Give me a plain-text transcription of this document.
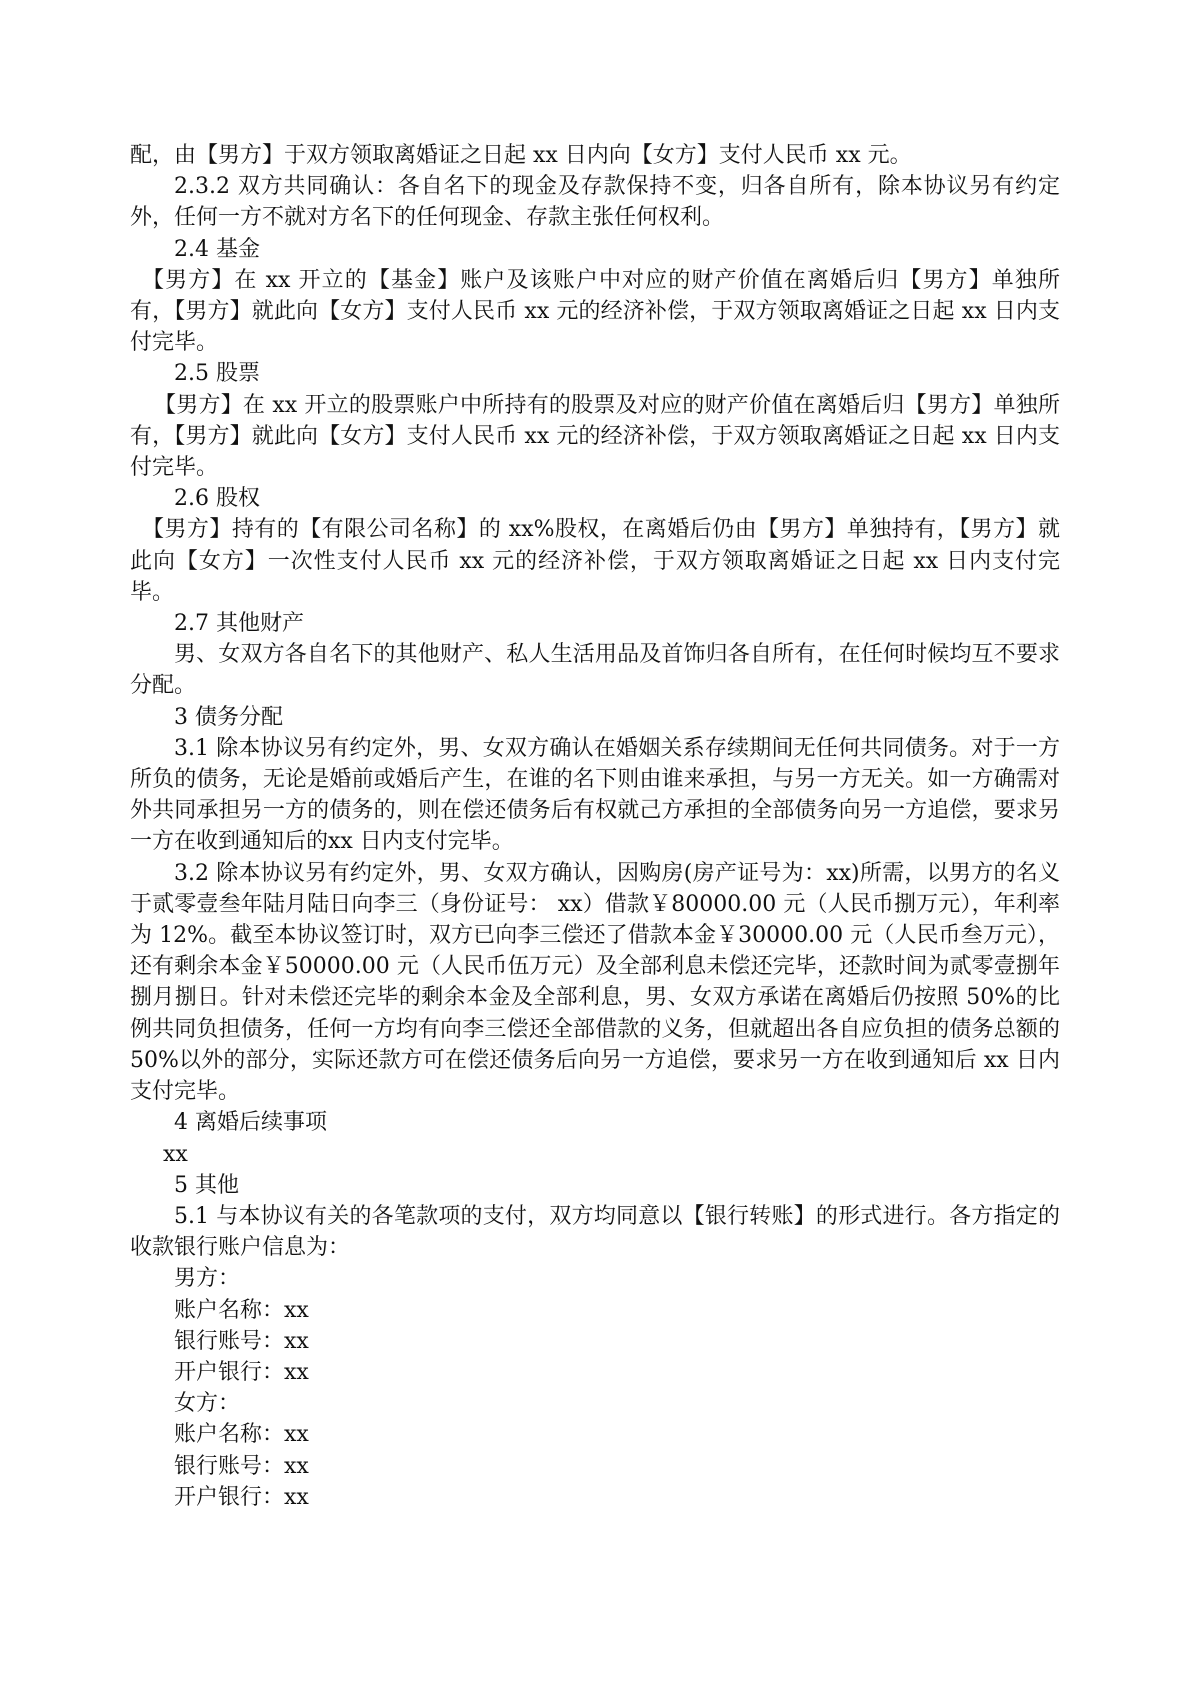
配，由【男方】于双方领取离婚证之日起 xx 日内向【女方】支付人民币 xx 元。

2.3.2 双方共同确认：各自名下的现金及存款保持不变，归各自所有，除本协议另有约定外，任何一方不就对方名下的任何现金、存款主张任何权利。

2.4 基金

【男方】在 xx 开立的【基金】账户及该账户中对应的财产价值在离婚后归【男方】单独所有，【男方】就此向【女方】支付人民币 xx 元的经济补偿，于双方领取离婚证之日起 xx 日内支付完毕。

2.5 股票

【男方】在 xx 开立的股票账户中所持有的股票及对应的财产价值在离婚后归【男方】单独所有，【男方】就此向【女方】支付人民币 xx 元的经济补偿，于双方领取离婚证之日起 xx 日内支付完毕。

2.6 股权

【男方】持有的【有限公司名称】的 xx%股权，在离婚后仍由【男方】单独持有，【男方】就此向【女方】一次性支付人民币 xx 元的经济补偿，于双方领取离婚证之日起 xx 日内支付完毕。

2.7 其他财产

男、女双方各自名下的其他财产、私人生活用品及首饰归各自所有，在任何时候均互不要求分配。

3 债务分配

3.1 除本协议另有约定外，男、女双方确认在婚姻关系存续期间无任何共同债务。对于一方所负的债务，无论是婚前或婚后产生，在谁的名下则由谁来承担，与另一方无关。如一方确需对外共同承担另一方的债务的，则在偿还债务后有权就己方承担的全部债务向另一方追偿，要求另一方在收到通知后的xx 日内支付完毕。

3.2 除本协议另有约定外，男、女双方确认，因购房(房产证号为：xx)所需，以男方的名义于贰零壹叁年陆月陆日向李三（身份证号： xx）借款￥80000.00 元（人民币捌万元），年利率为 12%。截至本协议签订时，双方已向李三偿还了借款本金￥30000.00 元（人民币叁万元），还有剩余本金￥50000.00 元（人民币伍万元）及全部利息未偿还完毕，还款时间为贰零壹捌年捌月捌日。针对未偿还完毕的剩余本金及全部利息，男、女双方承诺在离婚后仍按照 50%的比例共同负担债务，任何一方均有向李三偿还全部借款的义务，但就超出各自应负担的债务总额的 50%以外的部分，实际还款方可在偿还债务后向另一方追偿，要求另一方在收到通知后 xx 日内支付完毕。

4 离婚后续事项

xx

5 其他

5.1 与本协议有关的各笔款项的支付，双方均同意以【银行转账】的形式进行。各方指定的收款银行账户信息为：

男方：

账户名称：xx

银行账号：xx

开户银行：xx

女方：

账户名称：xx

银行账号：xx

开户银行：xx
